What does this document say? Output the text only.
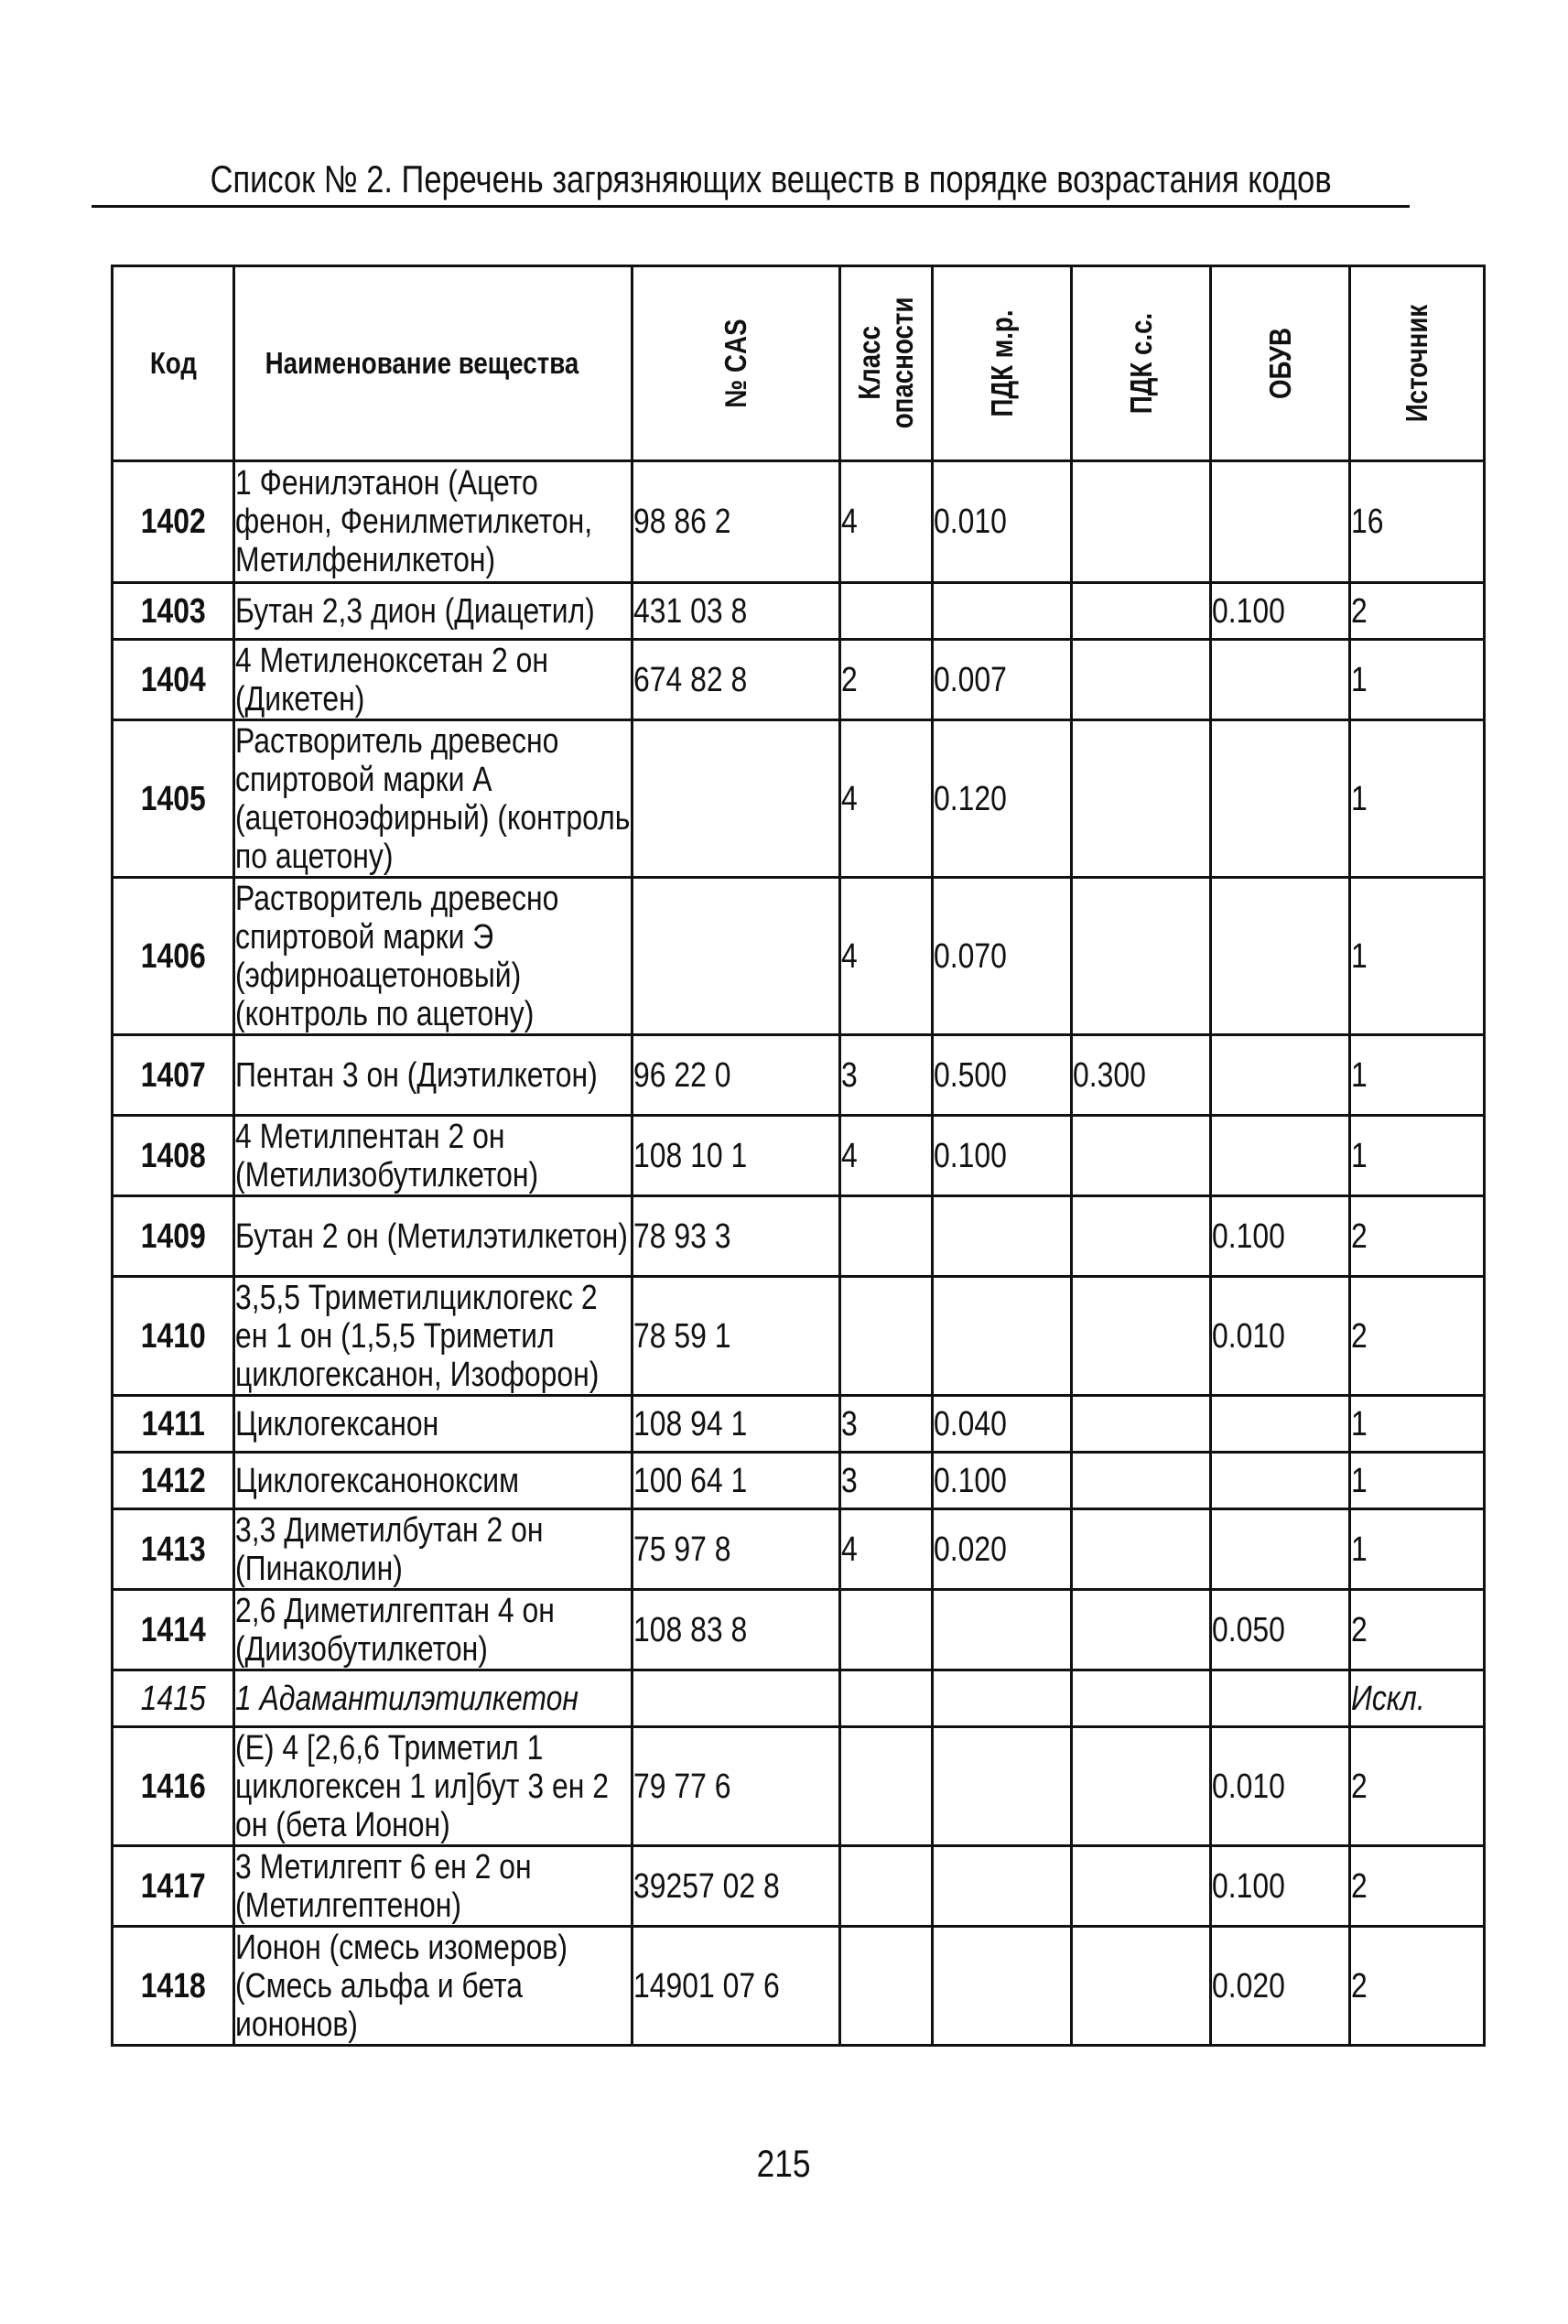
Список № 2. Перечень загрязняющих веществ в порядке возрастания кодов
Код	Наименование вещества	№ CAS	Класс опасности	ПДК м.р.	ПДК с.с.	ОБУВ	Источник

1402	1 Фенилэтанон (Ацето фенон, Фенилметилкетон, Метилфенилкетон)	98 86 2	4	0.010			16
1403	Бутан 2,3 дион (Диацетил)	431 03 8				0.100	2
1404	4 Метиленоксетан 2 он (Дикетен)	674 82 8	2	0.007			1
1405	Растворитель древесно спиртовой марки А (ацетоноэфирный) (контроль по ацетону)		4	0.120			1
1406	Растворитель древесно спиртовой марки Э (эфирноацетоновый) (контроль по ацетону)		4	0.070			1
1407	Пентан 3 он (Диэтилкетон)	96 22 0	3	0.500	0.300		1
1408	4 Метилпентан 2 он (Метилизобутилкетон)	108 10 1	4	0.100			1
1409	Бутан 2 он (Метилэтилкетон)	78 93 3				0.100	2
1410	3,5,5 Триметилциклогекс 2 ен 1 он (1,5,5 Триметил циклогексанон, Изофорон)	78 59 1				0.010	2
1411	Циклогексанон	108 94 1	3	0.040			1
1412	Циклогексаноноксим	100 64 1	3	0.100			1
1413	3,3 Диметилбутан 2 он (Пинаколин)	75 97 8	4	0.020			1
1414	2,6 Диметилгептан 4 он (Диизобутилкетон)	108 83 8				0.050	2
1415	1 Адамантилэтилкетон						Искл.
1416	(E) 4 [2,6,6 Триметил 1 циклогексен 1 ил]бут 3 ен 2 он (бета Ионон)	79 77 6				0.010	2
1417	3 Метилгепт 6 ен 2 он (Метилгептенон)	39257 02 8				0.100	2
1418	Ионон (смесь изомеров) (Смесь альфа и бета иононов)	14901 07 6				0.020	2
215
